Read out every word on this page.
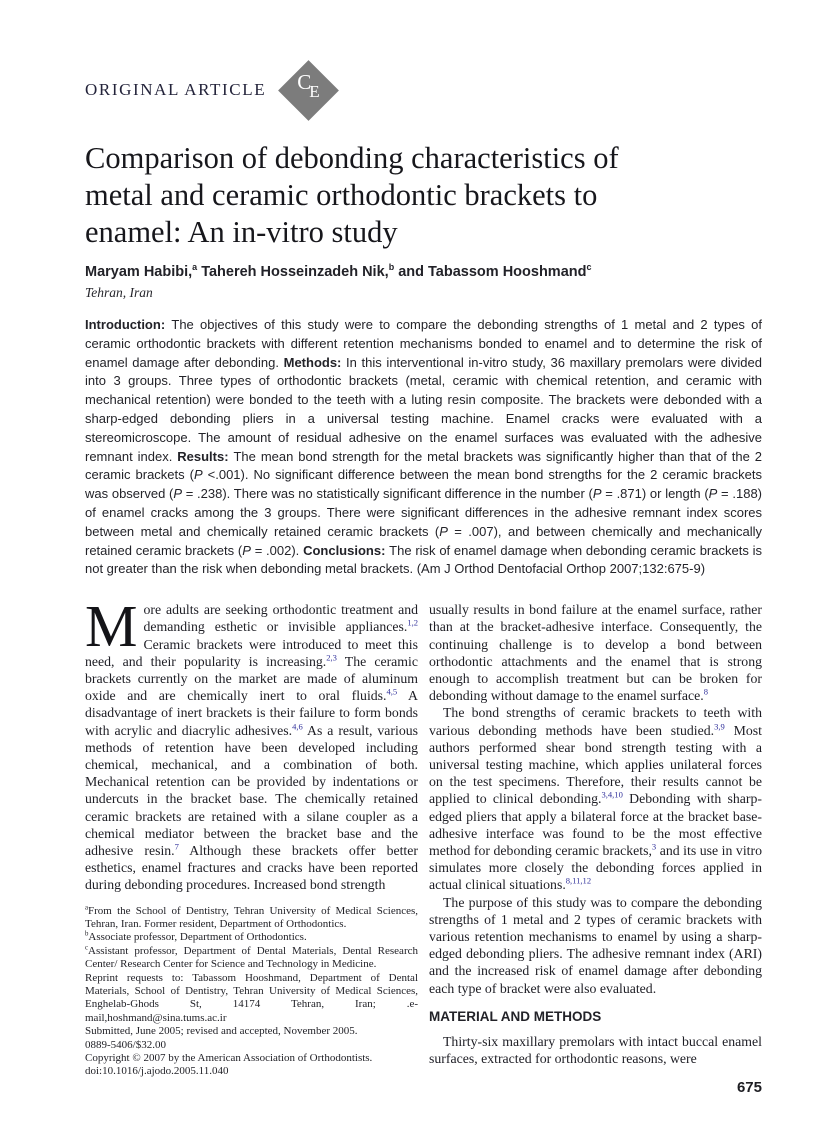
ORIGINAL ARTICLE C
E
Comparison of debonding characteristics of
metal and ceramic orthodontic brackets to
enamel: An in-vitro study
Maryam Habibi,$^a$ Tahereh Hosseinzadeh Nik,$^b$ and Tabassom Hooshmand$^c$
Tehran, Iran
Introduction: The objectives of this study were to compare the debonding strengths of 1 metal and 2 types of ceramic orthodontic brackets with different retention mechanisms bonded to enamel and to determine the risk of enamel damage after debonding. Methods: In this interventional in-vitro study, 36 maxillary premolars were divided into 3 groups. Three types of orthodontic brackets (metal, ceramic with chemical retention, and ceramic with mechanical retention) were bonded to the teeth with a luting resin composite. The brackets were debonded with a sharp-edged debonding pliers in a universal testing machine. Enamel cracks were evaluated with a stereomicroscope. The amount of residual adhesive on the enamel surfaces was evaluated with the adhesive remnant index. Results: The mean bond strength for the metal brackets was significantly higher than that of the 2 ceramic brackets (P <.001). No significant difference between the mean bond strengths for the 2 ceramic brackets was observed (P = .238). There was no statistically significant difference in the number (P = .871) or length (P = .188) of enamel cracks among the 3 groups. There were significant differences in the adhesive remnant index scores between metal and chemically retained ceramic brackets (P = .007), and between chemically and mechanically retained ceramic brackets (P = .002). Conclusions: The risk of enamel damage when debonding ceramic brackets is not greater than the risk when debonding metal brackets. (Am J Orthod Dentofacial Orthop 2007;132:675-9)

More adults are seeking orthodontic treatment and demanding esthetic or invisible appliances.$^{1,2}$ Ceramic brackets were introduced to meet this need, and their popularity is increasing.$^{2,3}$ The ceramic brackets currently on the market are made of aluminum oxide and are chemically inert to oral fluids.$^{4,5}$ A disadvantage of inert brackets is their failure to form bonds with acrylic and diacrylic adhesives.$^{4,6}$ As a result, various methods of retention have been developed including chemical, mechanical, and a combination of both. Mechanical retention can be provided by indentations or undercuts in the bracket base. The chemically retained ceramic brackets are retained with a silane coupler as a chemical mediator between the bracket base and the adhesive resin.$^7$ Although these brackets offer better esthetics, enamel fractures and cracks have been reported during debonding procedures. Increased bond strength

$^a$From the School of Dentistry, Tehran University of Medical Sciences, Tehran, Iran. Former resident, Department of Orthodontics.
$^b$Associate professor, Department of Orthodontics.
$^c$Assistant professor, Department of Dental Materials, Dental Research Center/ Research Center for Science and Technology in Medicine.
Reprint requests to: Tabassom Hooshmand, Department of Dental Materials, School of Dentistry, Tehran University of Medical Sciences, Enghelab-Ghods St, 14174 Tehran, Iran; .e-mail,hoshmand@sina.tums.ac.ir
Submitted, June 2005; revised and accepted, November 2005.
0889-5406/$32.00
Copyright © 2007 by the American Association of Orthodontists.
doi:10.1016/j.ajodo.2005.11.040

usually results in bond failure at the enamel surface, rather than at the bracket-adhesive interface. Consequently, the continuing challenge is to develop a bond between orthodontic attachments and the enamel that is strong enough to accomplish treatment but can be broken for debonding without damage to the enamel surface.$^8$

The bond strengths of ceramic brackets to teeth with various debonding methods have been studied.$^{3,9}$ Most authors performed shear bond strength testing with a universal testing machine, which applies unilateral forces on the test specimens. Therefore, their results cannot be applied to clinical debonding.$^{3,4,10}$ Debonding with sharp-edged pliers that apply a bilateral force at the bracket base-adhesive interface was found to be the most effective method for debonding ceramic brackets,$^3$ and its use in vitro simulates more closely the debonding forces applied in actual clinical situations.$^{8,11,12}$

The purpose of this study was to compare the debonding strengths of 1 metal and 2 types of ceramic brackets with various retention mechanisms to enamel by using a sharp-edged debonding pliers. The adhesive remnant index (ARI) and the increased risk of enamel damage after debonding each type of bracket were also evaluated.

MATERIAL AND METHODS

Thirty-six maxillary premolars with intact buccal enamel surfaces, extracted for orthodontic reasons, were

675
